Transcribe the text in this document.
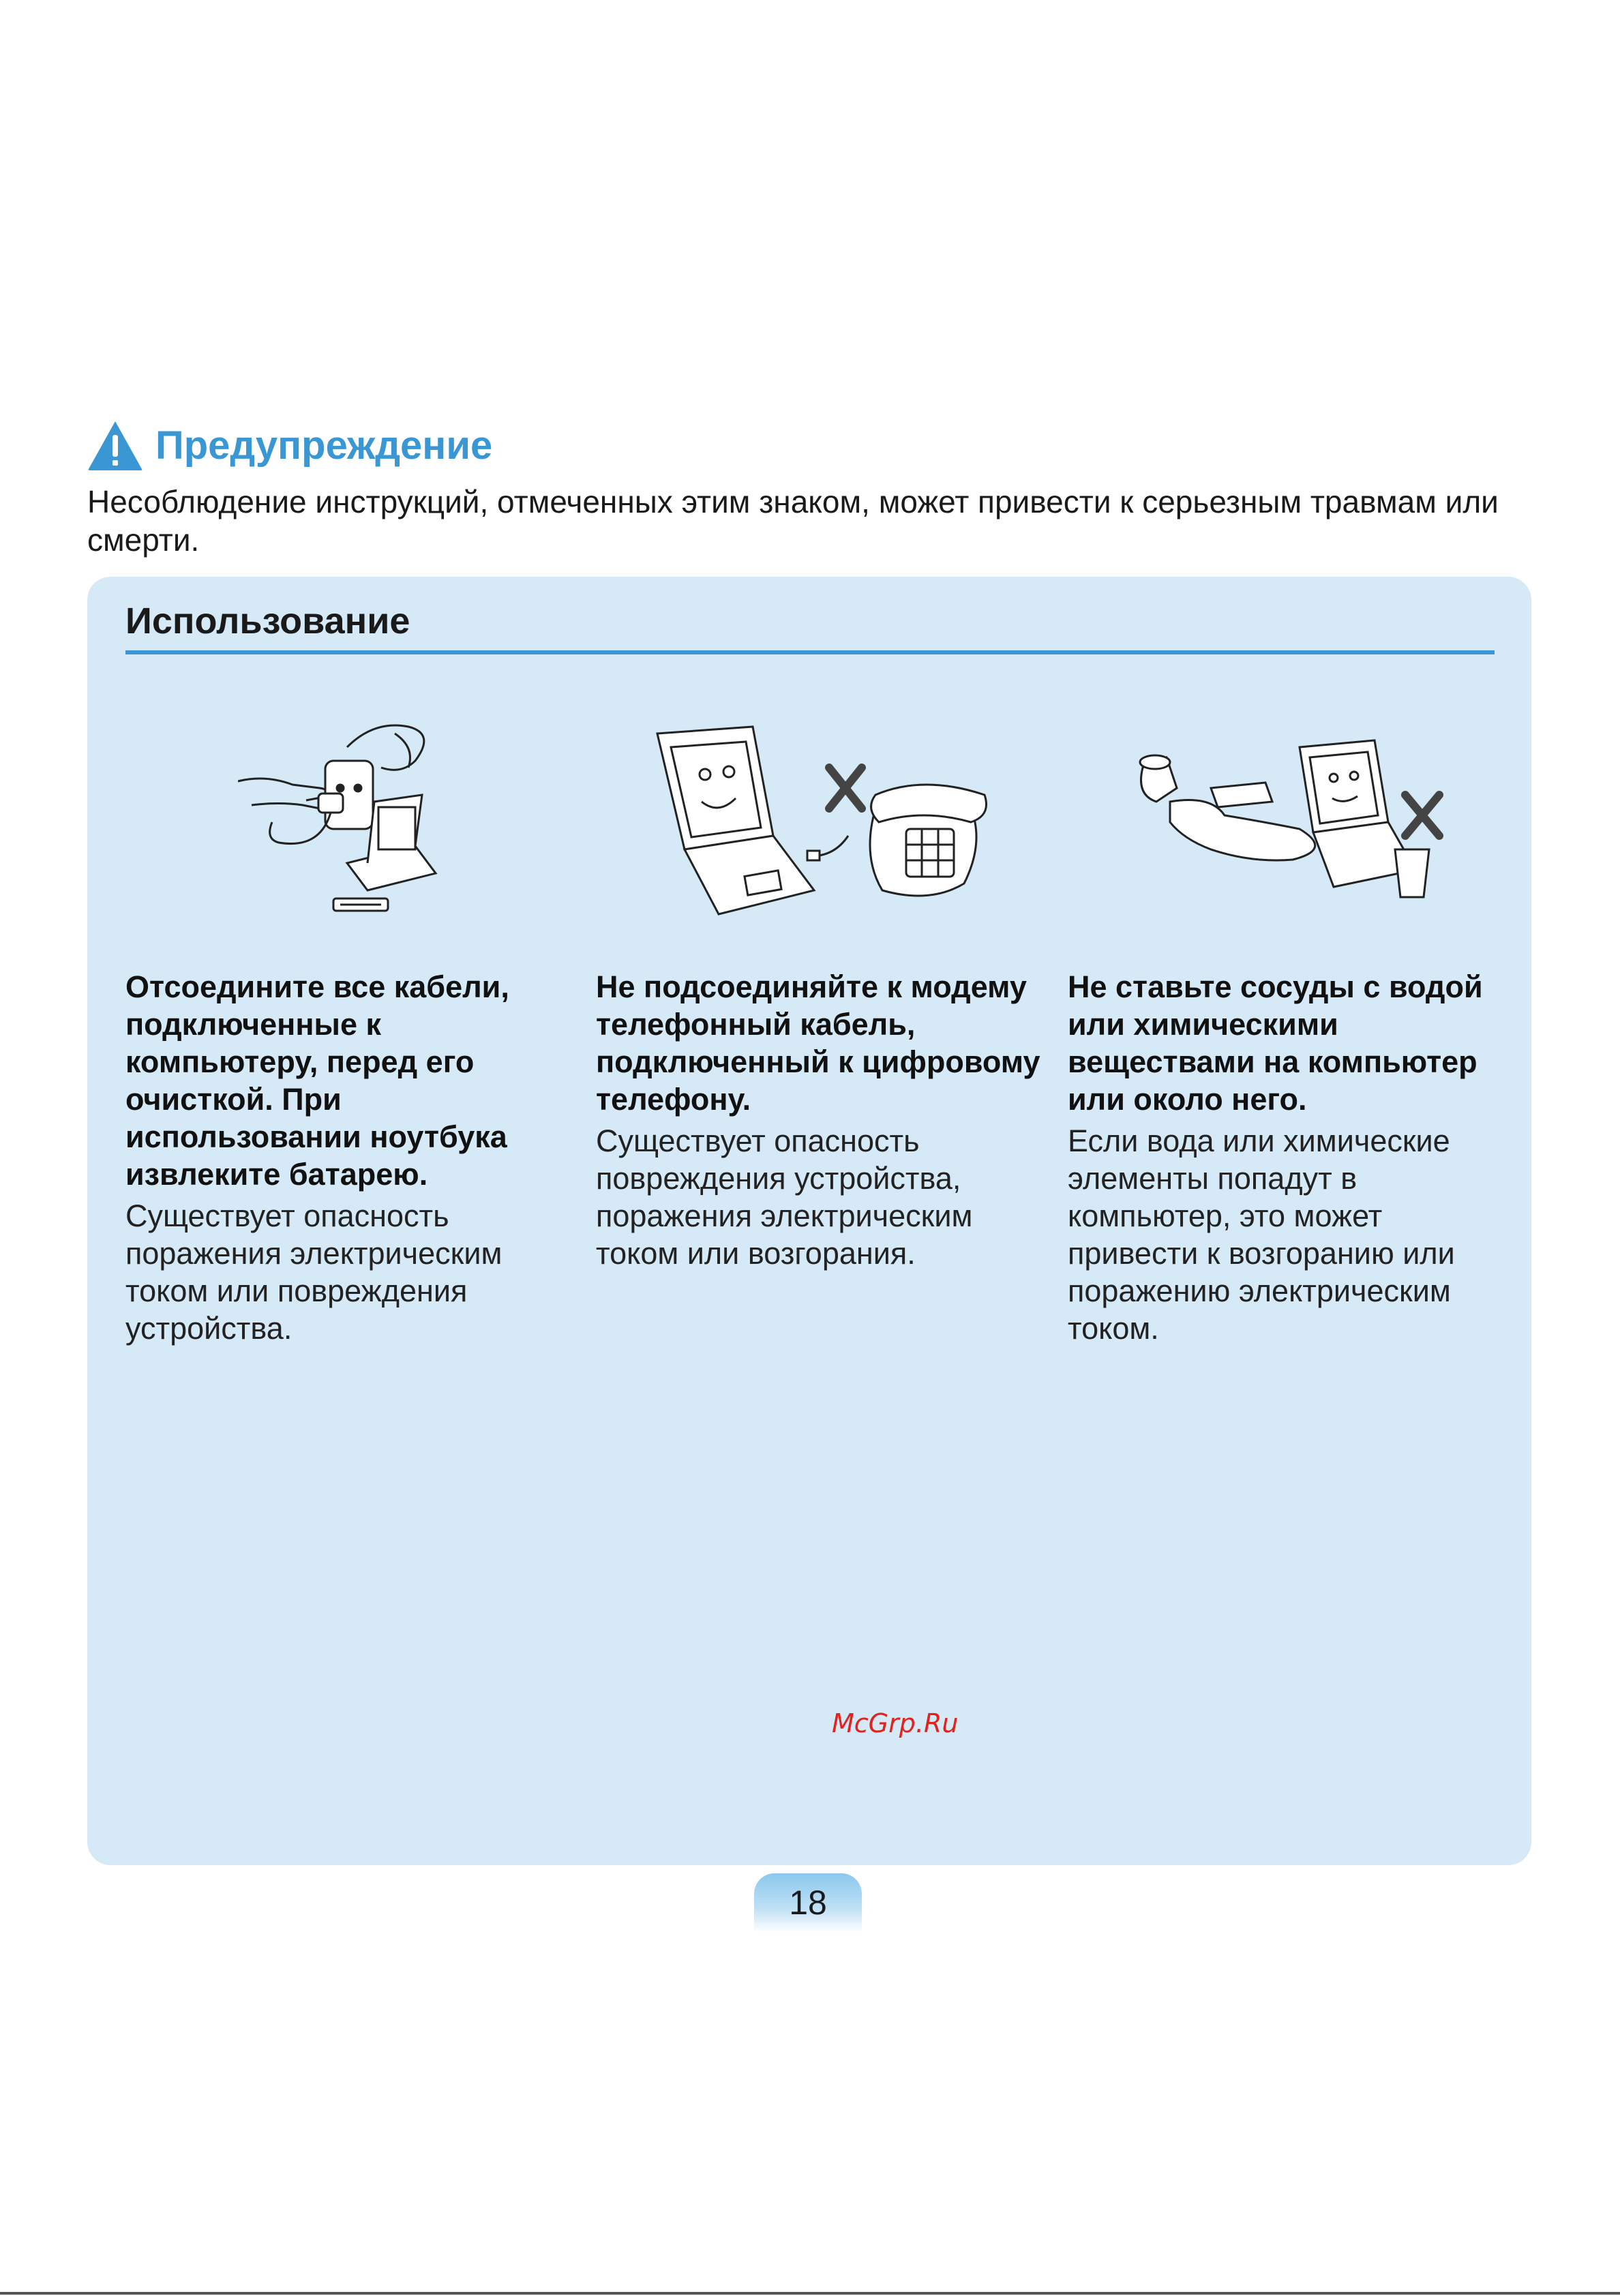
Предупреждение
Несоблюдение инструкций, отмеченных этим знаком, может привести к серьезным травмам или смерти.
Использование
Отсоедините все кабели, подключенные к компьютеру, перед его очисткой. При использовании ноутбука извлеките батарею.
Существует опасность поражения электрическим током или повреждения устройства.
Не подсоединяйте к модему телефонный кабель, подключенный к цифровому телефону.
Существует опасность повреждения устройства, поражения электрическим током или возгорания.
Не ставьте сосуды с водой или химическими веществами на компьютер или около него.
Если вода или химические элементы попадут в компьютер, это может привести к возгоранию или поражению электрическим током.
McGrp.Ru
18
